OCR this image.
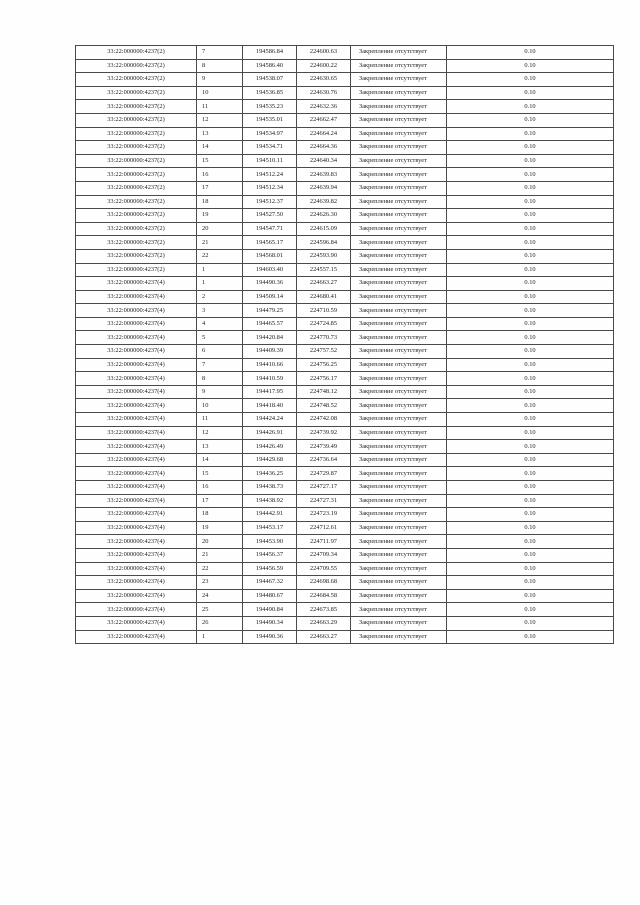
33:22:000000:4237(2)	7	194586.84	224600.63	Закрепление отсутствует	0.10
33:22:000000:4237(2)	8	194586.40	224600.22	Закрепление отсутствует	0.10
33:22:000000:4237(2)	9	194538.07	224630.65	Закрепление отсутствует	0.10
33:22:000000:4237(2)	10	194536.85	224630.76	Закрепление отсутствует	0.10
33:22:000000:4237(2)	11	194535.23	224632.36	Закрепление отсутствует	0.10
33:22:000000:4237(2)	12	194535.01	224662.47	Закрепление отсутствует	0.10
33:22:000000:4237(2)	13	194534.97	224664.24	Закрепление отсутствует	0.10
33:22:000000:4237(2)	14	194534.71	224664.36	Закрепление отсутствует	0.10
33:22:000000:4237(2)	15	194510.11	224640.34	Закрепление отсутствует	0.10
33:22:000000:4237(2)	16	194512.24	224639.83	Закрепление отсутствует	0.10
33:22:000000:4237(2)	17	194512.34	224639.94	Закрепление отсутствует	0.10
33:22:000000:4237(2)	18	194512.37	224639.82	Закрепление отсутствует	0.10
33:22:000000:4237(2)	19	194527.50	224626.30	Закрепление отсутствует	0.10
33:22:000000:4237(2)	20	194547.71	224615.09	Закрепление отсутствует	0.10
33:22:000000:4237(2)	21	194565.17	224596.84	Закрепление отсутствует	0.10
33:22:000000:4237(2)	22	194568.01	224593.90	Закрепление отсутствует	0.10
33:22:000000:4237(2)	1	194603.40	224557.15	Закрепление отсутствует	0.10
33:22:000000:4237(4)	1	194490.36	224663.27	Закрепление отсутствует	0.10
33:22:000000:4237(4)	2	194509.14	224680.41	Закрепление отсутствует	0.10
33:22:000000:4237(4)	3	194479.25	224710.59	Закрепление отсутствует	0.10
33:22:000000:4237(4)	4	194465.57	224724.85	Закрепление отсутствует	0.10
33:22:000000:4237(4)	5	194420.84	224770.73	Закрепление отсутствует	0.10
33:22:000000:4237(4)	6	194409.39	224757.52	Закрепление отсутствует	0.10
33:22:000000:4237(4)	7	194410.66	224756.25	Закрепление отсутствует	0.10
33:22:000000:4237(4)	8	194410.59	224756.17	Закрепление отсутствует	0.10
33:22:000000:4237(4)	9	194417.95	224748.12	Закрепление отсутствует	0.10
33:22:000000:4237(4)	10	194418.40	224748.52	Закрепление отсутствует	0.10
33:22:000000:4237(4)	11	194424.24	224742.08	Закрепление отсутствует	0.10
33:22:000000:4237(4)	12	194426.91	224739.92	Закрепление отсутствует	0.10
33:22:000000:4237(4)	13	194426.49	224739.49	Закрепление отсутствует	0.10
33:22:000000:4237(4)	14	194429.68	224736.64	Закрепление отсутствует	0.10
33:22:000000:4237(4)	15	194436.25	224729.87	Закрепление отсутствует	0.10
33:22:000000:4237(4)	16	194438.73	224727.17	Закрепление отсутствует	0.10
33:22:000000:4237(4)	17	194438.92	224727.31	Закрепление отсутствует	0.10
33:22:000000:4237(4)	18	194442.91	224723.19	Закрепление отсутствует	0.10
33:22:000000:4237(4)	19	194453.17	224712.61	Закрепление отсутствует	0.10
33:22:000000:4237(4)	20	194453.90	224711.97	Закрепление отсутствует	0.10
33:22:000000:4237(4)	21	194456.37	224709.34	Закрепление отсутствует	0.10
33:22:000000:4237(4)	22	194456.59	224709.55	Закрепление отсутствует	0.10
33:22:000000:4237(4)	23	194467.32	224698.68	Закрепление отсутствует	0.10
33:22:000000:4237(4)	24	194480.67	224684.58	Закрепление отсутствует	0.10
33:22:000000:4237(4)	25	194490.84	224673.85	Закрепление отсутствует	0.10
33:22:000000:4237(4)	26	194490.34	224663.29	Закрепление отсутствует	0.10
33:22:000000:4237(4)	1	194490.36	224663.27	Закрепление отсутствует	0.10
